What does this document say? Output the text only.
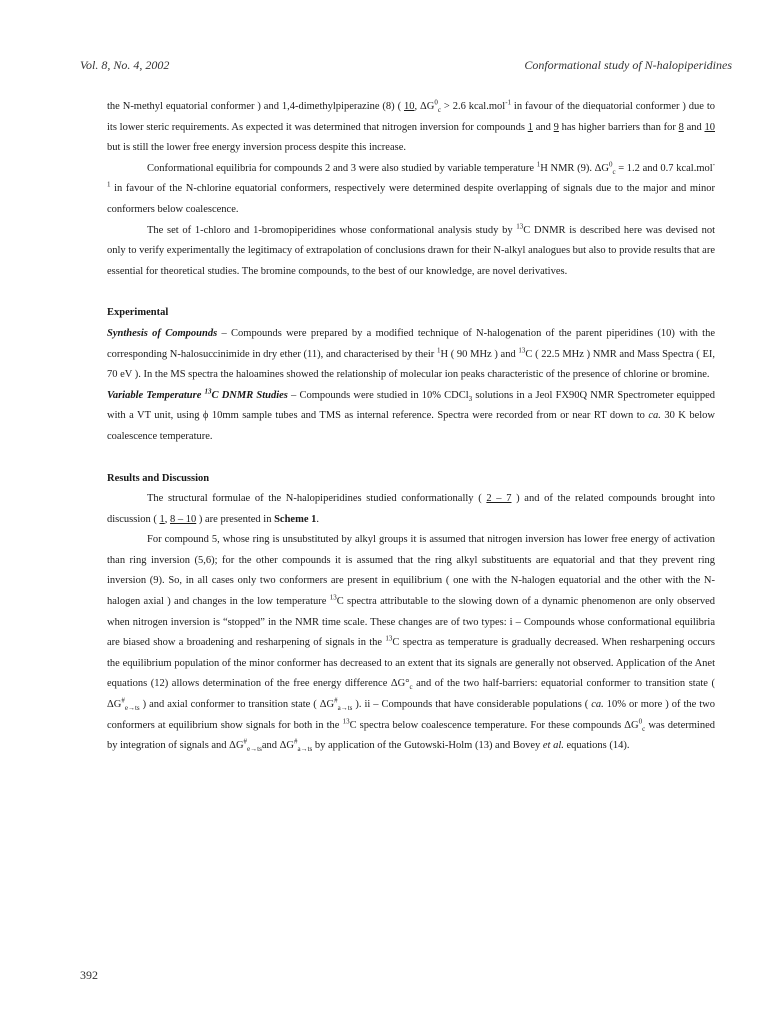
Vol. 8, No. 4, 2002	Conformational study of N-halopiperidines

the N-methyl equatorial conformer ) and 1,4-dimethylpiperazine (8) ( 10, $\Delta G^0_c > 2.6$ kcal.mol$^{-1}$ in favour of the diequatorial conformer ) due to its lower steric requirements. As expected it was determined that nitrogen inversion for compounds 1 and 9 has higher barriers than for 8 and 10 but is still the lower free energy inversion process despite this increase.

Conformational equilibria for compounds 2 and 3 were also studied by variable temperature $^1$H NMR (9). $\Delta G^0_c = 1.2$ and 0.7 kcal.mol$^{-1}$ in favour of the N-chlorine equatorial conformers, respectively were determined despite overlapping of signals due to the major and minor conformers below coalescence.

The set of 1-chloro and 1-bromopiperidines whose conformational analysis study by $^{13}$C DNMR is described here was devised not only to verify experimentally the legitimacy of extrapolation of conclusions drawn for their N-alkyl analogues but also to provide results that are essential for theoretical studies. The bromine compounds, to the best of our knowledge, are novel derivatives.

Experimental

Synthesis of Compounds – Compounds were prepared by a modified technique of N-halogenation of the parent piperidines (10) with the corresponding N-halosuccinimide in dry ether (11), and characterised by their $^1$H ( 90 MHz ) and $^{13}$C ( 22.5 MHz ) NMR and Mass Spectra ( EI, 70 eV ). In the MS spectra the haloamines showed the relationship of molecular ion peaks characteristic of the presence of chlorine or bromine.

Variable Temperature $^{13}$C DNMR Studies – Compounds were studied in 10% CDCl$_3$ solutions in a Jeol FX90Q NMR Spectrometer equipped with a VT unit, using ϕ 10mm sample tubes and TMS as internal reference. Spectra were recorded from or near RT down to ca. 30 K below coalescence temperature.

Results and Discussion

The structural formulae of the N-halopiperidines studied conformationally ( 2 – 7 ) and of the related compounds brought into discussion ( 1, 8 – 10 ) are presented in Scheme 1.

For compound 5, whose ring is unsubstituted by alkyl groups it is assumed that nitrogen inversion has lower free energy of activation than ring inversion (5,6); for the other compounds it is assumed that the ring alkyl substituents are equatorial and that they prevent ring inversion (9). So, in all cases only two conformers are present in equilibrium ( one with the N-halogen equatorial and the other with the N-halogen axial ) and changes in the low temperature $^{13}$C spectra attributable to the slowing down of a dynamic phenomenon are only observed when nitrogen inversion is “stopped” in the NMR time scale. These changes are of two types: i – Compounds whose conformational equilibria are biased show a broadening and resharpening of signals in the $^{13}$C spectra as temperature is gradually decreased. When resharpening occurs the equilibrium population of the minor conformer has decreased to an extent that its signals are generally not observed. Application of the Anet equations (12) allows determination of the free energy difference $\Delta G^\circ_c$ and of the two half-barriers: equatorial conformer to transition state ( $\Delta G^{\#}_{e\to ts}$ ) and axial conformer to transition state ( $\Delta G^{\#}_{a\to ts}$ ). ii – Compounds that have considerable populations ( ca. 10% or more ) of the two conformers at equilibrium show signals for both in the $^{13}$C spectra below coalescence temperature. For these compounds $\Delta G^0_c$ was determined by integration of signals and $\Delta G^{\#}_{e\to ts}and$ $\Delta G^{\#}_{a\to ts}$ by application of the Gutowski-Holm (13) and Bovey et al. equations (14).

392
